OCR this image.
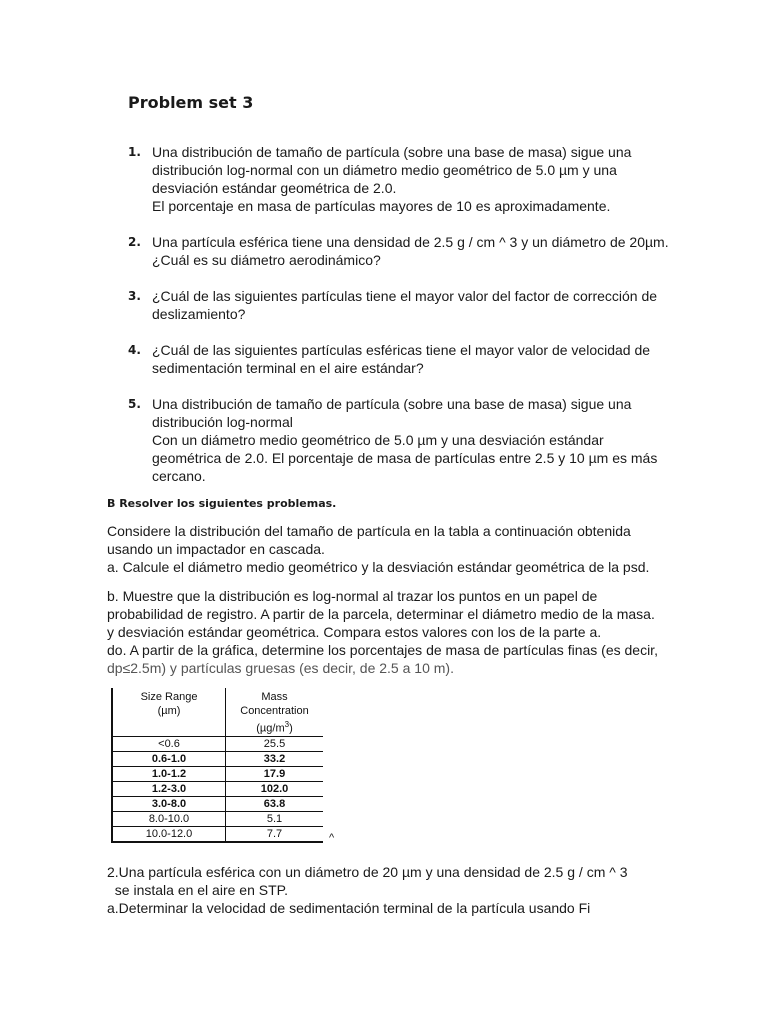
Problem set 3
1. Una distribución de tamaño de partícula (sobre una base de masa) sigue una
distribución log-normal con un diámetro medio geométrico de 5.0 µm y una
desviación estándar geométrica de 2.0.
El porcentaje en masa de partículas mayores de 10 es aproximadamente.
2. Una partícula esférica tiene una densidad de 2.5 g / cm ^ 3 y un diámetro de 20µm.
¿Cuál es su diámetro aerodinámico?
3. ¿Cuál de las siguientes partículas tiene el mayor valor del factor de corrección de
deslizamiento?
4. ¿Cuál de las siguientes partículas esféricas tiene el mayor valor de velocidad de
sedimentación terminal en el aire estándar?
5. Una distribución de tamaño de partícula (sobre una base de masa) sigue una
distribución log-normal
Con un diámetro medio geométrico de 5.0 µm y una desviación estándar
geométrica de 2.0. El porcentaje de masa de partículas entre 2.5 y 10 µm es más
cercano.
B Resolver los siguientes problemas.
Considere la distribución del tamaño de partícula en la tabla a continuación obtenida
usando un impactador en cascada.
a. Calcule el diámetro medio geométrico y la desviación estándar geométrica de la psd.
b. Muestre que la distribución es log-normal al trazar los puntos en un papel de
probabilidad de registro. A partir de la parcela, determinar el diámetro medio de la masa.
y desviación estándar geométrica. Compara estos valores con los de la parte a.
do. A partir de la gráfica, determine los porcentajes de masa de partículas finas (es decir,
dp≤2.5m) y partículas gruesas (es decir, de 2.5 a 10 m).
Size Range
(µm)	Mass
Concentration
$(\mu g/m^3)$
<0.6	25.5
0.6-1.0	33.2
1.0-1.2	17.9
1.2-3.0	102.0
3.0-8.0	63.8
8.0-10.0	5.1
10.0-12.0	7.7	^
2.Una partícula esférica con un diámetro de 20 µm y una densidad de 2.5 g / cm ^ 3
se instala en el aire en STP.
a.Determinar la velocidad de sedimentación terminal de la partícula usando Fi
